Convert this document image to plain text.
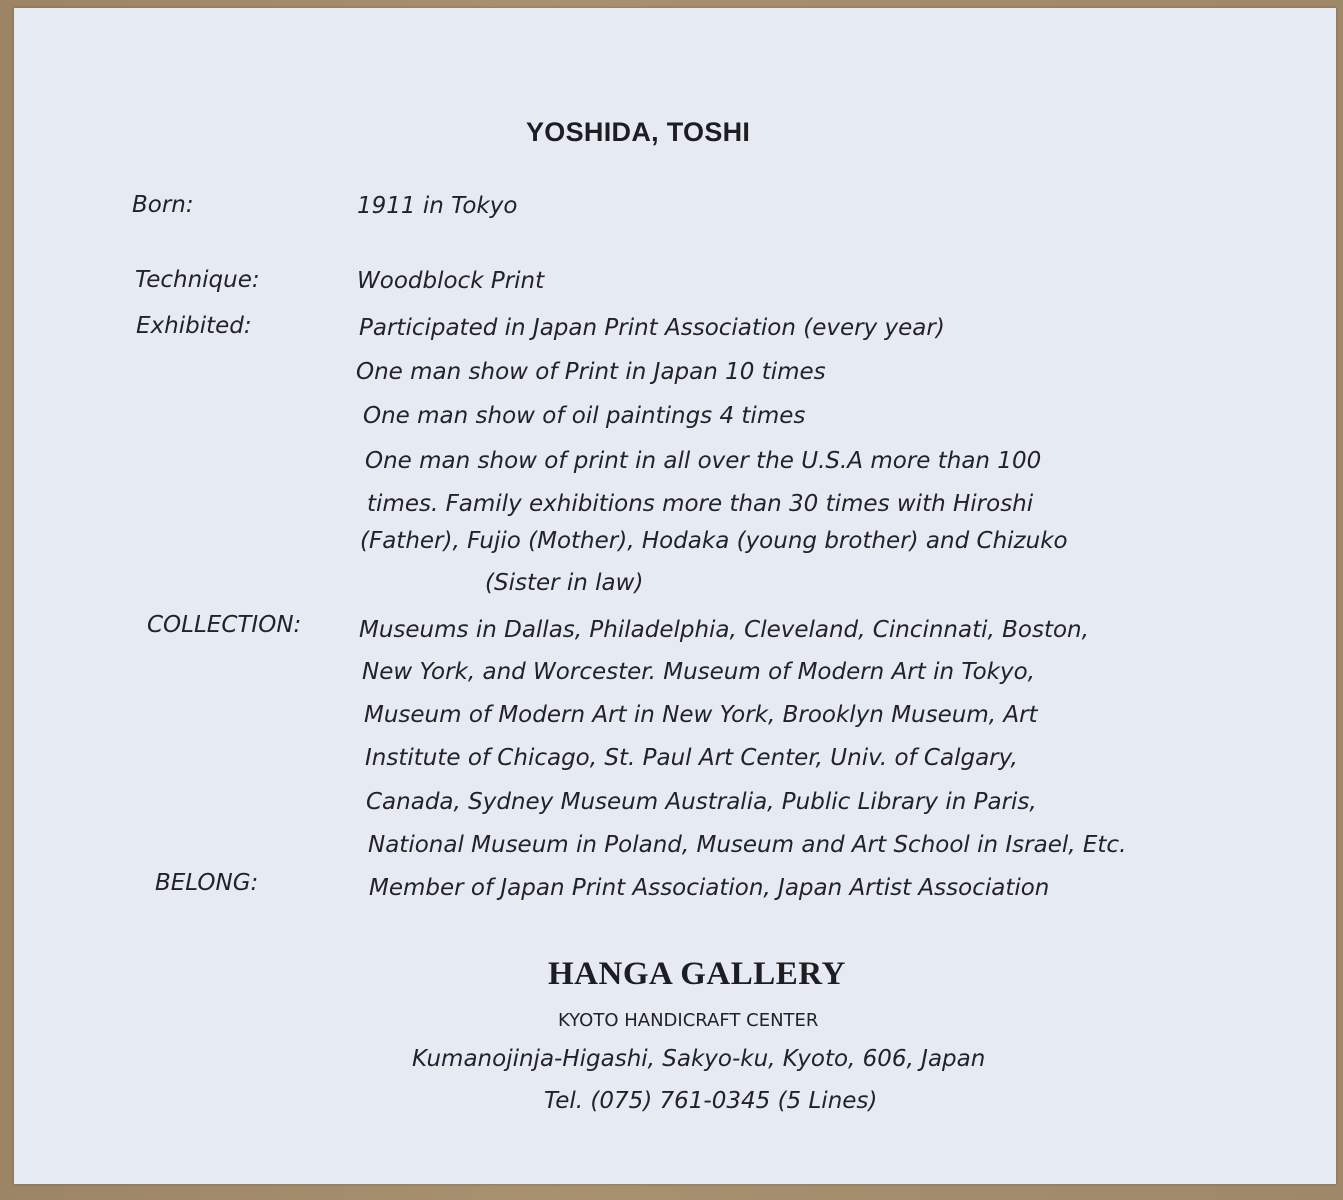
YOSHIDA, TOSHI
Born:	1911 in Tokyo
Technique:	Woodblock Print
Exhibited:	Participated in Japan Print Association (every year)
One man show of Print in Japan 10 times
One man show of oil paintings 4 times
One man show of print in all over the U.S.A more than 100
times. Family exhibitions more than 30 times with Hiroshi
(Father), Fujio (Mother), Hodaka (young brother) and Chizuko
(Sister in law)
COLLECTION:	Museums in Dallas, Philadelphia, Cleveland, Cincinnati, Boston,
New York, and Worcester. Museum of Modern Art in Tokyo,
Museum of Modern Art in New York, Brooklyn Museum, Art
Institute of Chicago, St. Paul Art Center, Univ. of Calgary,
Canada, Sydney Museum Australia, Public Library in Paris,
National Museum in Poland, Museum and Art School in Israel, Etc.
BELONG:	Member of Japan Print Association, Japan Artist Association
HANGA GALLERY
KYOTO HANDICRAFT CENTER
Kumanojinja-Higashi, Sakyo-ku, Kyoto, 606, Japan
Tel. (075) 761-0345 (5 Lines)
